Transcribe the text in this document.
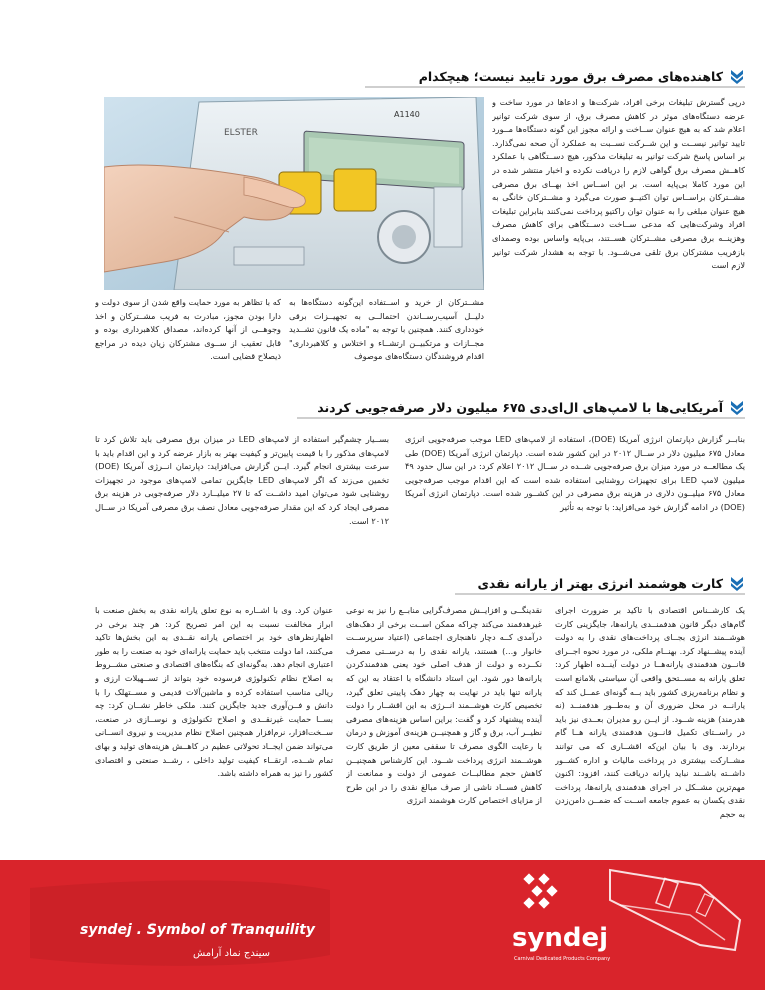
کاهنده‌های مصرف برق مورد تایید نیست؛ هیچکدام

درپی گسترش تبلیغات برخی افراد، شرکت‌ها و ادعاها در مورد ساخت و عرضه دستگاه‌های موثر در کاهش مصرف برق، از سوی شرکت توانیر اعلام شد که به هیچ عنوان ســاخت و ارائه مجوز این گونه دستگاه‌ها مــورد تایید توانیر نیســت و این شــرکت نســبت به عملکرد آن صحه نمی‌گذارد. بر اساس پاسخ شرکت توانیر به تبلیغات مذکور، هیچ دســتگاهی با عملکرد کاهــش مصرف برق گواهی لازم را دریافت نکرده و اخبار منتشر شده در این مورد کاملا بی‌پایه است. بر این اســاس اخذ بهــای برق مصرفی مشــترکان براســاس توان اکتیــو صورت می‌گیرد و مشــترکان خانگی به هیچ عنوان مبلغی را به عنوان توان راکتیو پرداخت نمی‌کنند بنابراین تبلیغات افراد وشرکت‌هایی که مدعی ســاخت دســتگاهی برای کاهش مصرف وهزینــه برق مصرفی مشــترکان هســتند، بی‌پایه واساس بوده وصمدای بازفریب مشترکان برق تلقی می‌شــود. با توجه به هشدار شرکت توانیر لازم است

ELSTER
A1140

مشــترکان از خرید و اســتفاده این‌گونه دستگاه‌ها به دلیــل آسیب‌رســاندن احتمالــی به تجهیــزات برقی خودداری کنند. همچنین با توجه به "ماده یک قانون تشــدید مجــازات و مرتکبیــن ارتشــاء و اختلاس و کلاهبرداری" اقدام فروشندگان دستگاه‌های موصوف

که با تظاهر به مورد حمایت واقع شدن از سوی دولت و دارا بودن مجوز، مبادرت به فریب مشــترکان و اخذ وجوهــی از آنها کرده‌اند، مصداق کلاهبرداری بوده و قابل تعقیب از ســوی مشترکان زیان دیده در مراجع ذیصلاح قضایی است.

آمریکایی‌ها با لامپ‌های ال‌ای‌دی ۶۷۵ میلیون دلار صرفه‌جویی کردند

بنابــر گزارش دپارتمان انرژی آمریکا (DOE)، استفاده از لامپ‌های LED موجب صرفه‌جویی انرژی معادل ۶۷۵ میلیون دلار در ســال ۲۰۱۲ در این کشور شده است. دپارتمان انرژی آمریکا (DOE) طی یک مطالعــه در مورد میزان برق صرفه‌جویی شــده در ســال ۲۰۱۲ اعلام کرد: در این سال حدود ۴۹ میلیون لامپ LED برای تجهیزات روشنایی استفاده شده است که این اقدام موجب صرفه‌جویی معادل ۶۷۵ میلیــون دلاری در هزینه برق مصرفی در این کشــور شده است. دپارتمان انرژی آمریکا (DOE) در ادامه گزارش خود می‌افزاید: با توجه به تأثیر

بســیار چشم‌گیر استفاده از لامپ‌های LED در میزان برق مصرفی باید تلاش کرد تا لامپ‌های مذکور را با قیمت پایین‌تر و کیفیت بهتر به بازار عرضه کرد و این اقدام باید با سرعت بیشتری انجام گیرد. ایــن گزارش می‌افزاید: دپارتمان انــرژی آمریکا (DOE) تخمین می‌زند که اگر لامپ‌های LED جایگزین تمامی لامپ‌های موجود در تجهیزات روشنایی شود می‌توان امید داشــت که تا ۲۷ میلیــارد دلار صرفه‌جویی در هزینه برق مصرفی ایجاد کرد که این مقدار صرفه‌جویی معادل نصف برق مصرفی آمریکا در ســال ۲۰۱۲ است.

کارت هوشمند انرژی بهتر از یارانه نقدی

یک کارشــناس اقتصادی با تاکید بر ضرورت اجرای گام‌های دیگر قانون هدفمنــدی یارانه‌ها، جایگزینی کارت هوشــمند انرژی بجــای پرداخت‌های نقدی را به دولت آینده پیشــنهاد کرد. بهنــام ملکی، در مورد نحوه اجــرای قانــون هدفمندی یارانه‌هــا در دولت آینــده اظهار کرد: تعلق یارانه به مســتحق واقعی آن سیاستی بلامانع است و نظام برنامه‌ریزی کشور باید بــه گونه‌ای عمــل کند که یارانــه در محل ضروری آن و به‌طــور هدفمنــد (نه هدرمند) هزینه شــود. از ایــن رو مدیران بعــدی نیز باید در راســتای تکمیل قانــون هدفمندی یارانه هــا گام بردارند. وی با بیان این‌که اقشــاری که می توانند مشــارکت بیشتری در پرداخت مالیات و اداره کشــور داشــته باشــند نباید یارانه دریافت کنند، افزود: اکنون مهم‌ترین مشــکل در اجرای هدفمندی یارانه‌ها، پرداخت نقدی یکسان به عموم جامعه اســت که ضمــن دامن‌زدن به حجم

نقدینگــی و افزایــش مصرف‌گرایی منابــع را نیز به نوعی غیرهدفمند می‌کند چراکه ممکن اســت برخی از دهک‌های درآمدی کــه دچار ناهنجاری اجتماعی (اعتیاد سرپرســت خانوار و...) هستند، یارانه نقدی را به درســتی مصرف نکــرده و دولت از هدف اصلی خود یعنی هدفمندکردن یارانه‌ها دور شود. این استاد دانشگاه با اعتقاد به این که یارانه تنها باید در نهایت به چهار دهک پایینی تعلق گیرد، تخصیص کارت هوشــمند انــرژی به این اقشــار را دولت آینده پیشنهاد کرد و گفت: براین اساس هزینه‌های مصرفی نظیــر آب، برق و گاز و همچنیــن هزینه‌ی آموزش و درمان با رعایت الگوی مصرف تا سقفی معین از طریق کارت هوشــمند انرژی پرداخت شــود. این کارشناس همچنیــن کاهش حجم مطالبــات عمومی از دولت و ممانعت از کاهش فســاد ناشی از صرف مبالغ نقدی را در این طرح از مزایای اختصاص کارت هوشمند انرژی

عنوان کرد. وی با اشــاره به نوع تعلق یارانه نقدی به بخش صنعت با ابراز مخالفت نسبت به این امر تصریح کرد: هر چند برخی در اظهارنظرهای خود بر اختصاص یارانه نقــدی به این بخش‌ها تاکید می‌کنند، اما دولت منتخب باید حمایت یارانه‌ای خود به صنعت را به طور اعتباری انجام دهد. به‌گونه‌ای که بنگاه‌های اقتصادی و صنعتی مشــروط به اصلاح نظام تکنولوژی فرسوده خود بتواند از تســهیلات ارزی و ریالی مناسب استفاده کرده و ماشین‌آلات قدیمی و مســتهلک را با دانش و فــن‌آوری جدید جایگزین کنند. ملکی خاطر نشــان کرد: چه بســا حمایت غیرنقــدی و اصلاح تکنولوژی و نوســازی در صنعت، ســخت‌افزار، نرم‌افزار همچنین اصلاح نظام مدیریت و نیروی انســانی می‌تواند ضمن ایجــاد تحولاتی عظیم در کاهــش هزینه‌های تولید و بهای تمام شــده، ارتقــاء کیفیت تولید داخلی ، رشــد صنعتی و اقتصادی کشور را نیز به همراه داشته باشد.

syndej . Symbol of Tranquility
سیندج نماد آرامش
syndej
Carnival Dedicated Products Company
